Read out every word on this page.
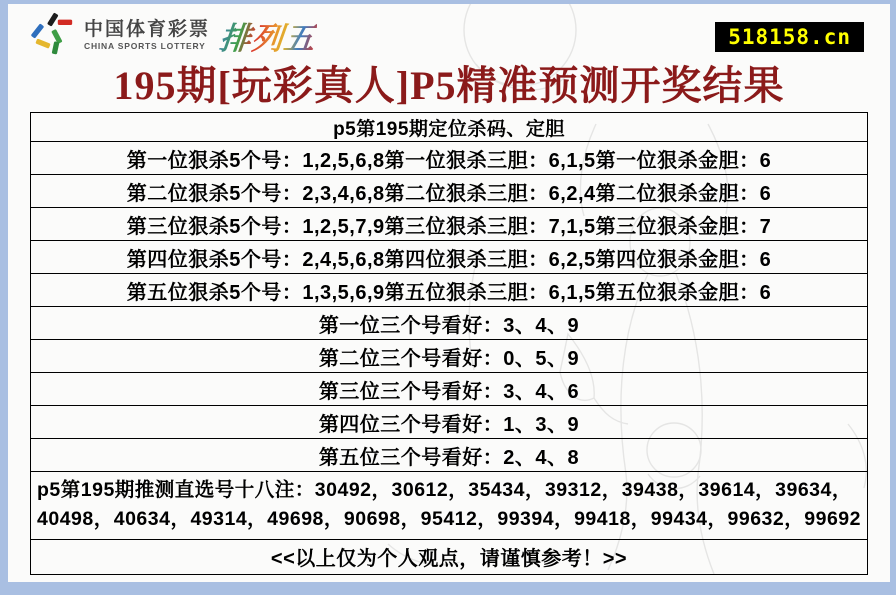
中国体育彩票
CHINA SPORTS LOTTERY 排列五	518158.cn
195期[玩彩真人]P5精准预测开奖结果
p5第195期定位杀码、定胆
第一位狠杀5个号：1,2,5,6,8第一位狠杀三胆：6,1,5第一位狠杀金胆：6
第二位狠杀5个号：2,3,4,6,8第二位狠杀三胆：6,2,4第二位狠杀金胆：6
第三位狠杀5个号：1,2,5,7,9第三位狠杀三胆：7,1,5第三位狠杀金胆：7
第四位狠杀5个号：2,4,5,6,8第四位狠杀三胆：6,2,5第四位狠杀金胆：6
第五位狠杀5个号：1,3,5,6,9第五位狠杀三胆：6,1,5第五位狠杀金胆：6
第一位三个号看好：3、4、9
第二位三个号看好：0、5、9
第三位三个号看好：3、4、6
第四位三个号看好：1、3、9
第五位三个号看好：2、4、8
p5第195期推测直选号十八注：30492，30612，35434，39312，39438，39614，39634，40498，40634，49314，49698，90698，95412，99394，99418，99434，99632，99692
<<以上仅为个人观点，请谨慎参考！>>
